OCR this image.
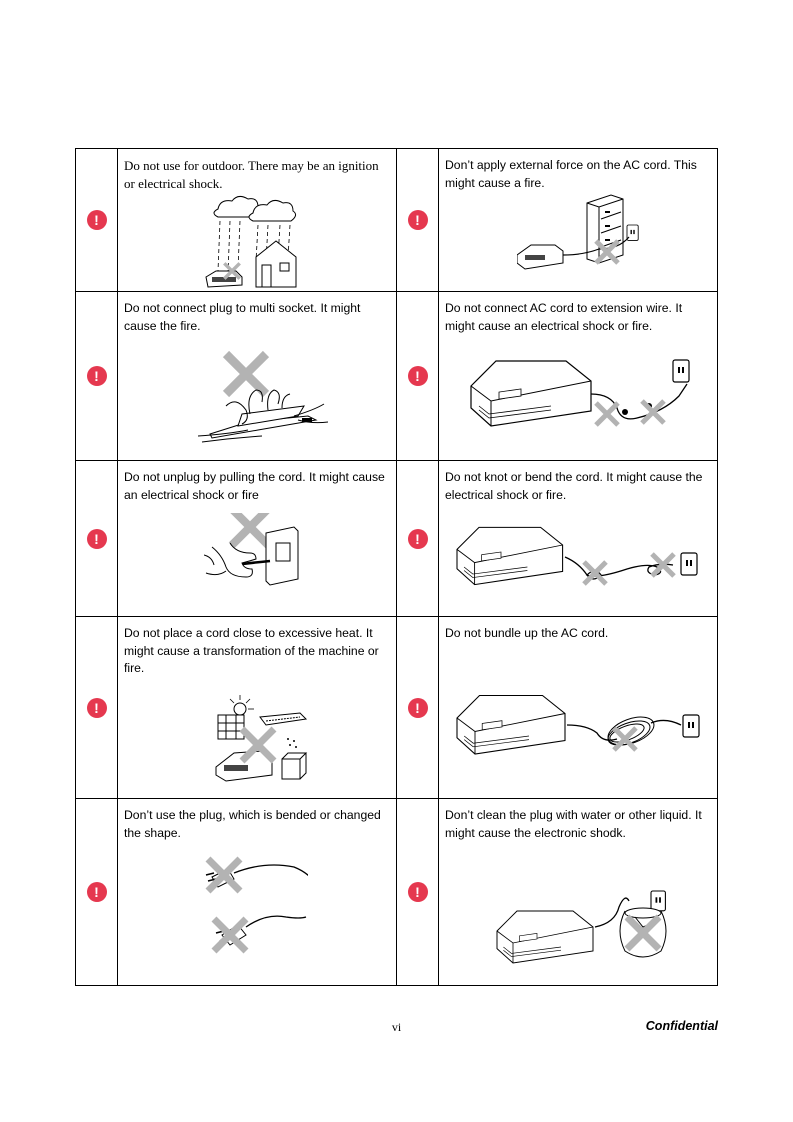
!	Do not use for outdoor. There may be an ignition or electrical shock.	!	Don’t apply external force on the AC cord. This might cause a fire.

!	Do not connect plug to multi socket. It might cause the fire.	!	Do not connect AC cord to extension wire. It might cause an electrical shock or fire.

!	Do not unplug by pulling the cord. It might cause an electrical shock or fire	!	Do not knot or bend the cord. It might cause the electrical shock or fire.

!	Do not place a cord close to excessive heat. It might cause a transformation of the machine or fire.	!	Do not bundle up the AC cord.

!	Don’t use the plug, which is bended or changed the shape.	!	Don’t clean the plug with water or other liquid. It might cause the electronic shodk.
vi	Confidential
